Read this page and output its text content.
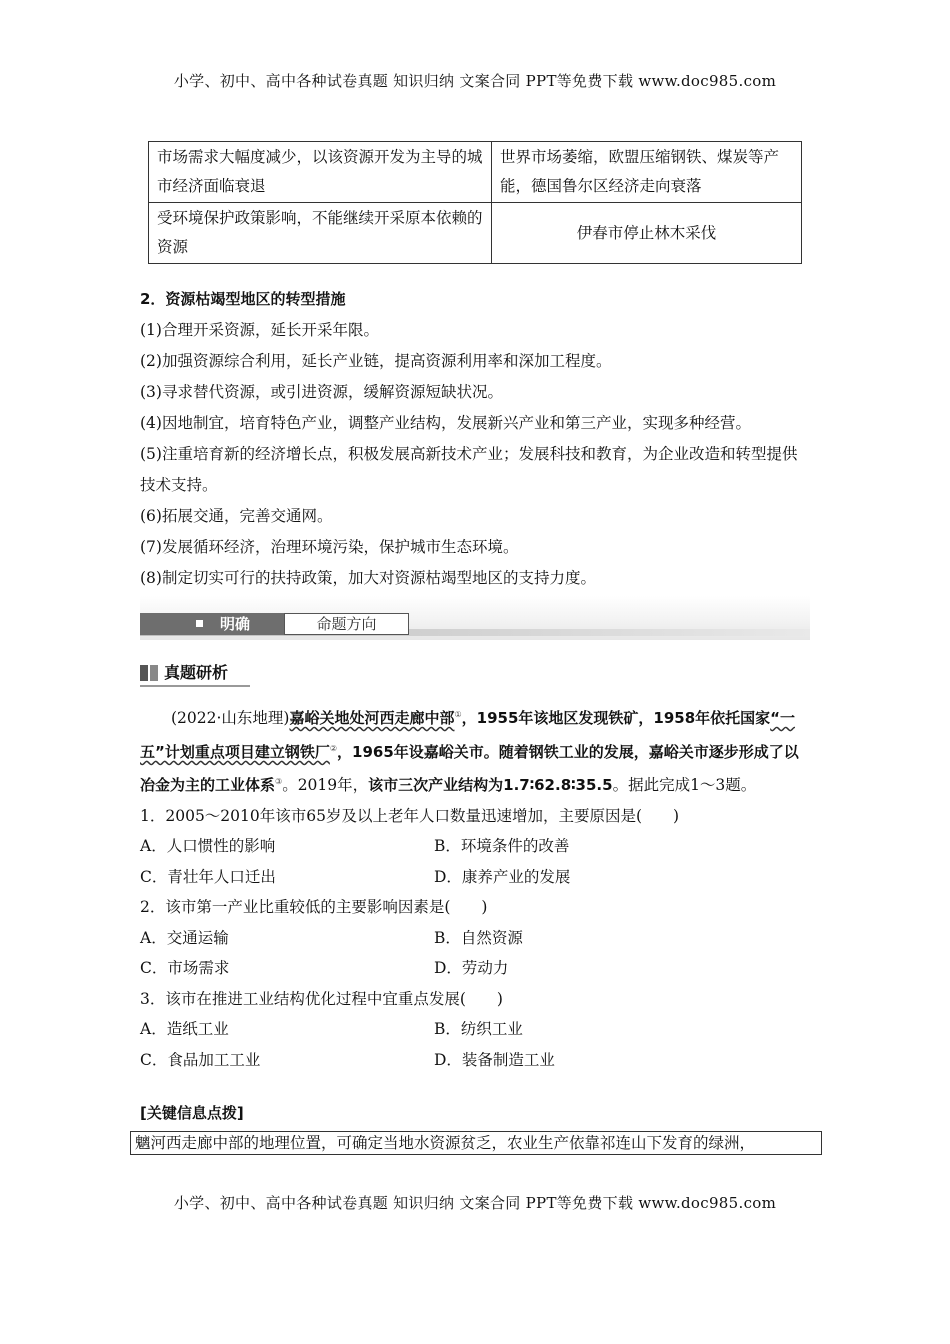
小学、初中、高中各种试卷真题 知识归纳 文案合同 PPT等免费下载 www.doc985.com
市场需求大幅度减少，以该资源开发为主导的城市经济面临衰退	世界市场萎缩，欧盟压缩钢铁、煤炭等产能，德国鲁尔区经济走向衰落
受环境保护政策影响，不能继续开采原本依赖的资源	伊春市停止林木采伐
2．资源枯竭型地区的转型措施
(1)合理开采资源，延长开采年限。
(2)加强资源综合利用，延长产业链，提高资源利用率和深加工程度。
(3)寻求替代资源，或引进资源，缓解资源短缺状况。
(4)因地制宜，培育特色产业，调整产业结构，发展新兴产业和第三产业，实现多种经营。
(5)注重培育新的经济增长点，积极发展高新技术产业；发展科技和教育，为企业改造和转型提供技术支持。
(6)拓展交通，完善交通网。
(7)发展循环经济，治理环境污染，保护城市生态环境。
(8)制定切实可行的扶持政策，加大对资源枯竭型地区的支持力度。
明确	命题方向
真题研析

(2022·山东地理)嘉峪关地处河西走廊中部①，1955年该地区发现铁矿，1958年依托国家“一五”计划重点项目建立钢铁厂②，1965年设嘉峪关市。随着钢铁工业的发展，嘉峪关市逐步形成了以冶金为主的工业体系③。2019年，该市三次产业结构为1.7∶62.8∶35.5。据此完成1～3题。

1．2005～2010年该市65岁及以上老年人口数量迅速增加，主要原因是(　　)

A．人口惯性的影响	B．环境条件的改善
C．青壮年人口迁出	D．康养产业的发展

2．该市第一产业比重较低的主要影响因素是(　　)

A．交通运输	B．自然资源
C．市场需求	D．劳动力

3．该市在推进工业结构优化过程中宜重点发展(　　)

A．造纸工业	B．纺织工业
C．食品加工工业	D．装备制造工业
[关键信息点拨]
魑河西走廊中部的地理位置，可确定当地水资源贫乏，农业生产依靠祁连山下发育的绿洲，
小学、初中、高中各种试卷真题 知识归纳 文案合同 PPT等免费下载 www.doc985.com
